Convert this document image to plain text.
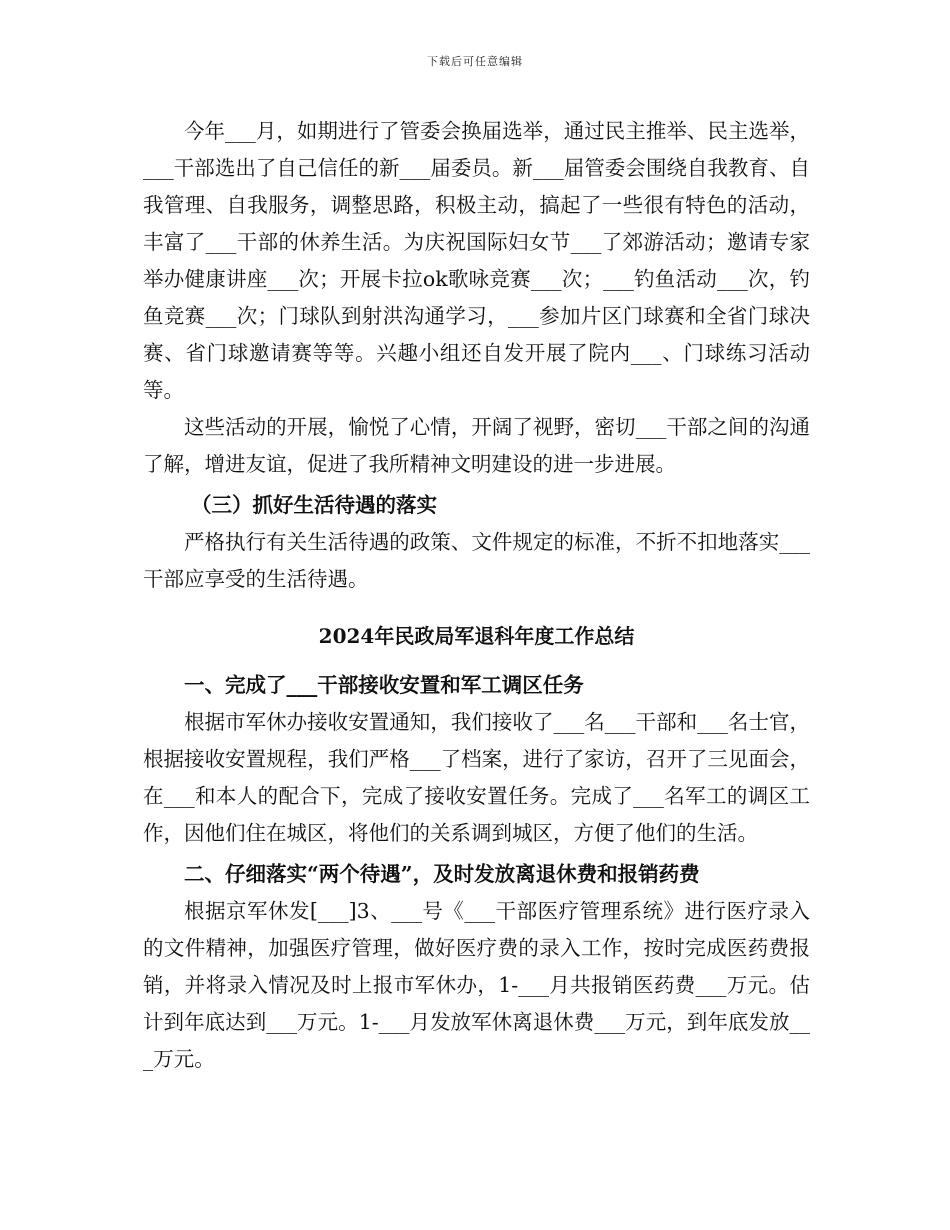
下载后可任意编辑

今年___月，如期进行了管委会换届选举，通过民主推举、民主选举，___干部选出了自己信任的新___届委员。新___届管委会围绕自我教育、自我管理、自我服务，调整思路，积极主动，搞起了一些很有特色的活动，丰富了___干部的休养生活。为庆祝国际妇女节___了郊游活动；邀请专家举办健康讲座___次；开展卡拉ok歌咏竞赛___次；___钓鱼活动___次，钓鱼竞赛___次；门球队到射洪沟通学习，___参加片区门球赛和全省门球决赛、省门球邀请赛等等。兴趣小组还自发开展了院内___、门球练习活动等。

这些活动的开展，愉悦了心情，开阔了视野，密切___干部之间的沟通了解，增进友谊，促进了我所精神文明建设的进一步进展。

（三）抓好生活待遇的落实

严格执行有关生活待遇的政策、文件规定的标准，不折不扣地落实___干部应享受的生活待遇。

2024年民政局军退科年度工作总结

一、完成了___干部接收安置和军工调区任务

根据市军休办接收安置通知，我们接收了___名___干部和___名士官，根据接收安置规程，我们严格___了档案，进行了家访，召开了三见面会，在___和本人的配合下，完成了接收安置任务。完成了___名军工的调区工作，因他们住在城区，将他们的关系调到城区，方便了他们的生活。

二、仔细落实“两个待遇”，及时发放离退休费和报销药费

根据京军休发[___]3、___号《___干部医疗管理系统》进行医疗录入的文件精神，加强医疗管理，做好医疗费的录入工作，按时完成医药费报销，并将录入情况及时上报市军休办，1-___月共报销医药费___万元。估计到年底达到___万元。1-___月发放军休离退休费___万元，到年底发放___万元。
